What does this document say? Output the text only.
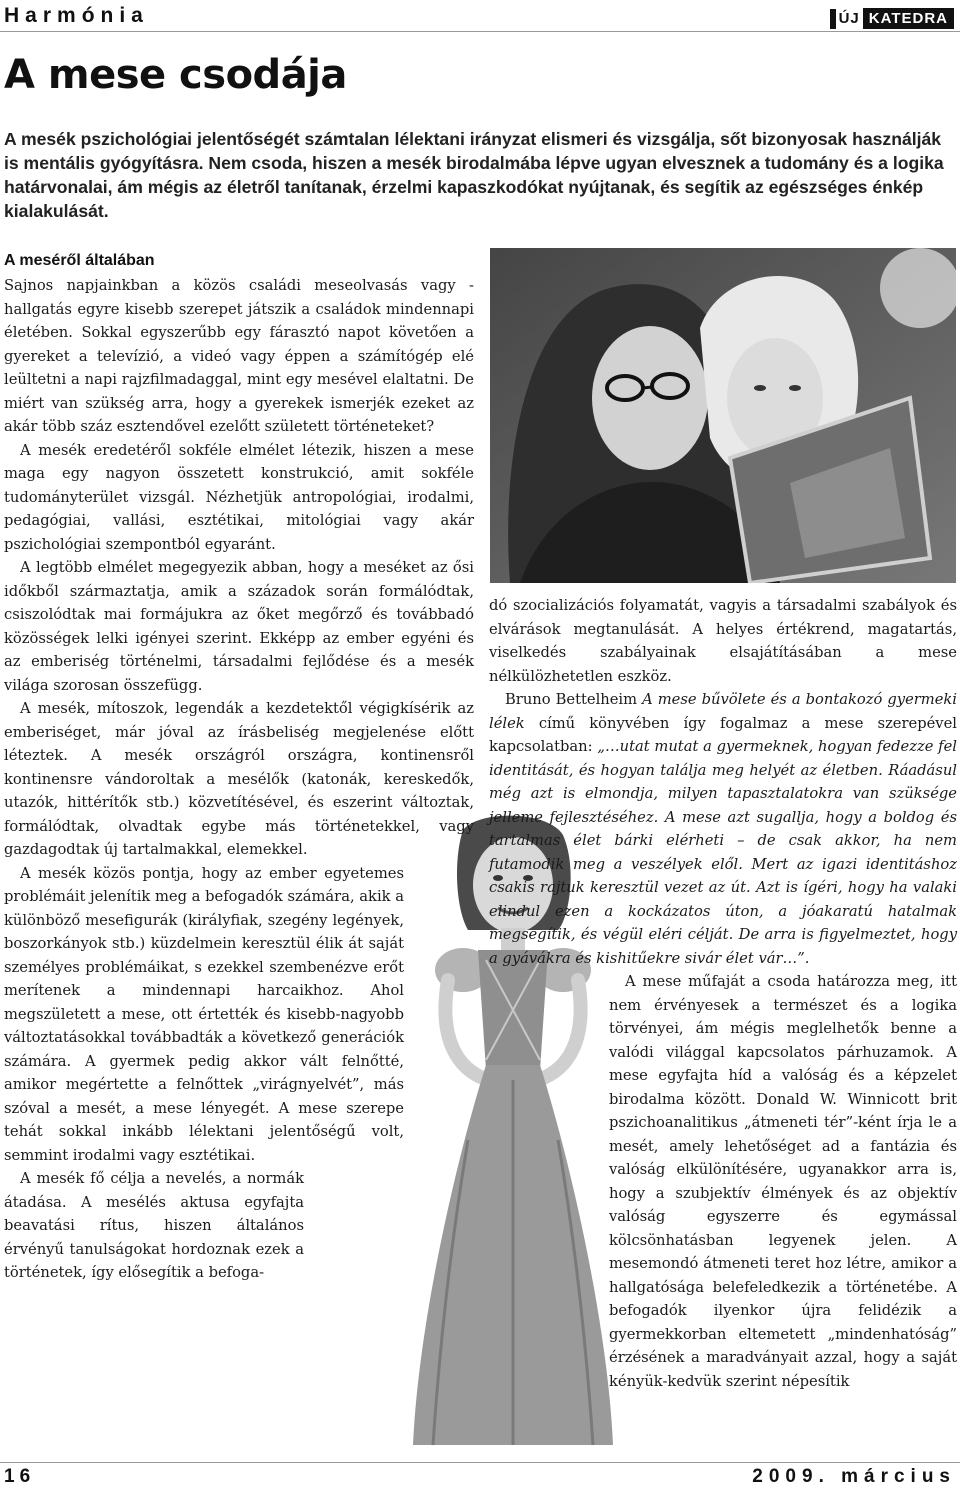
Harmónia	ÚJ KATEDRA
A mese csodája

A mesék pszichológiai jelentőségét számtalan lélektani irányzat elismeri és vizsgálja, sőt bizonyosak használják is mentális gyógyításra. Nem csoda, hiszen a mesék birodalmába lépve ugyan elvesznek a tudomány és a logika határvonalai, ám mégis az életről tanítanak, érzelmi kapaszkodókat nyújtanak, és segítik az egészséges énkép kialakulását.

A meséről általában

Sajnos napjainkban a közös családi meseolvasás vagy -hallgatás egyre kisebb szerepet játszik a családok mindennapi életében. Sokkal egyszerűbb egy fárasztó napot követően a gyereket a televízió, a videó vagy éppen a számítógép elé leültetni a napi rajzfilmadaggal, mint egy mesével elaltatni. De miért van szükség arra, hogy a gyerekek ismerjék ezeket az akár több száz esztendővel ezelőtt született történeteket?

A mesék eredetéről sokféle elmélet létezik, hiszen a mese maga egy nagyon összetett konstrukció, amit sokféle tudományterület vizsgál. Nézhetjük antropológiai, irodalmi, pedagógiai, vallási, esztétikai, mitológiai vagy akár pszichológiai szempontból egyaránt.

A legtöbb elmélet megegyezik abban, hogy a meséket az ősi időkből származtatja, amik a századok során formálódtak, csiszolódtak mai formájukra az őket megőrző és továbbadó közösségek lelki igényei szerint. Ekképp az ember egyéni és az emberiség történelmi, társadalmi fejlődése és a mesék világa szorosan összefügg.

A mesék, mítoszok, legendák a kezdetektől végigkísérik az emberiséget, már jóval az írásbeliség megjelenése előtt léteztek. A mesék országról országra, kontinensről kontinensre vándoroltak a mesélők (katonák, kereskedők, utazók, hittérítők stb.) közvetítésével, és eszerint változtak, formálódtak, olvadtak egybe más történetekkel, vagy gazdagodtak új tartalmakkal, elemekkel.

A mesék közös pontja, hogy az ember egyetemes problémáit jelenítik meg a befogadók számára, akik a különböző mesefigurák (királyfiak, szegény legények, boszorkányok stb.) küzdelmein keresztül élik át saját személyes problémáikat, s ezekkel szembenézve erőt merítenek a mindennapi harcaikhoz. Ahol megszületett a mese, ott értették és kisebb-nagyobb változtatásokkal továbbadták a következő generációk számára. A gyermek pedig akkor vált felnőtté, amikor megértette a felnőttek „virágnyelvét”, más szóval a mesét, a mese lényegét. A mese szerepe tehát sokkal inkább lélektani jelentőségű volt, semmint irodalmi vagy esztétikai.

A mesék fő célja a nevelés, a normák átadása. A mesélés aktusa egyfajta beavatási rítus, hiszen általános érvényű tanulságokat hordoznak ezek a történetek, így elősegítik a befoga-

dó szocializációs folyamatát, vagyis a társadalmi szabályok és elvárások megtanulását. A helyes értékrend, magatartás, viselkedés szabályainak elsajátításában a mese nélkülözhetetlen eszköz.

Bruno Bettelheim A mese bűvölete és a bontakozó gyermeki lélek című könyvében így fogalmaz a mese szerepével kapcsolatban: „…utat mutat a gyermeknek, hogyan fedezze fel identitását, és hogyan találja meg helyét az életben. Ráadásul még azt is elmondja, milyen tapasztalatokra van szüksége jelleme fejlesztéséhez. A mese azt sugallja, hogy a boldog és tartalmas élet bárki elérheti – de csak akkor, ha nem futamodik meg a veszélyek elől. Mert az igazi identitáshoz csakis rajtuk keresztül vezet az út. Azt is ígéri, hogy ha valaki elindul ezen a kockázatos úton, a jóakaratú hatalmak megsegítik, és végül eléri célját. De arra is figyelmeztet, hogy a gyávákra és kishitűekre sivár élet vár…”.

A mese műfaját a csoda határozza meg, itt nem érvényesek a természet és a logika törvényei, ám mégis meglelhetők benne a valódi világgal kapcsolatos párhuzamok. A mese egyfajta híd a valóság és a képzelet birodalma között. Donald W. Winnicott brit pszichoanalitikus „átmeneti tér”-ként írja le a mesét, amely lehetőséget ad a fantázia és valóság elkülönítésére, ugyanakkor arra is, hogy a szubjektív élmények és az objektív valóság egyszerre és egymással kölcsönhatásban legyenek jelen. A mesemondó átmeneti teret hoz létre, amikor a hallgatósága belefeledkezik a történetébe. A befogadók ilyenkor újra felidézik a gyermekkorban eltemetett „mindenhatóság” érzésének a maradványait azzal, hogy a saját kényük-kedvük szerint népesítik

16	2009. március
